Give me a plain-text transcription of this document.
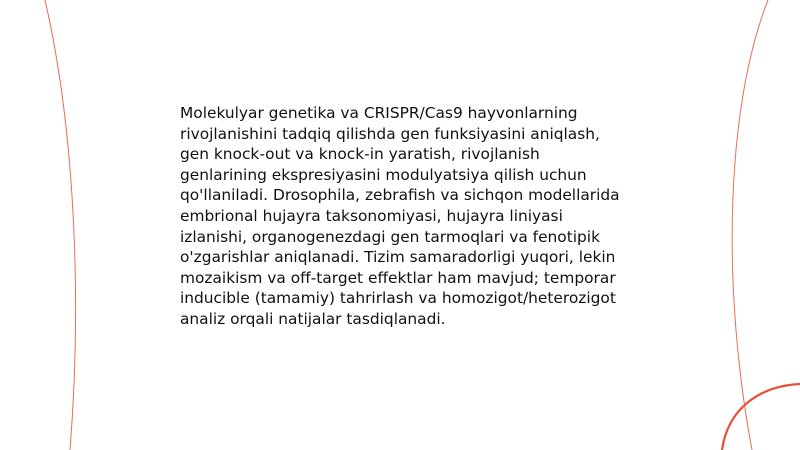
Molekulyar genetika va CRISPR/Cas9 hayvonlarning rivojlanishini tadqiq qilishda gen funksiyasini aniqlash, gen knock-out va knock-in yaratish, rivojlanish genlarining ekspresiyasini modulyatsiya qilish uchun qo'llaniladi. Drosophila, zebrafish va sichqon modellarida embrional hujayra taksonomiyasi, hujayra liniyasi izlanishi, organogenezdagi gen tarmoqlari va fenotipik o'zgarishlar aniqlanadi. Tizim samaradorligi yuqori, lekin mozaikism va off-target effektlar ham mavjud; temporar inducible (tamamiy) tahrirlash va homozigot/heterozigot analiz orqali natijalar tasdiqlanadi.
